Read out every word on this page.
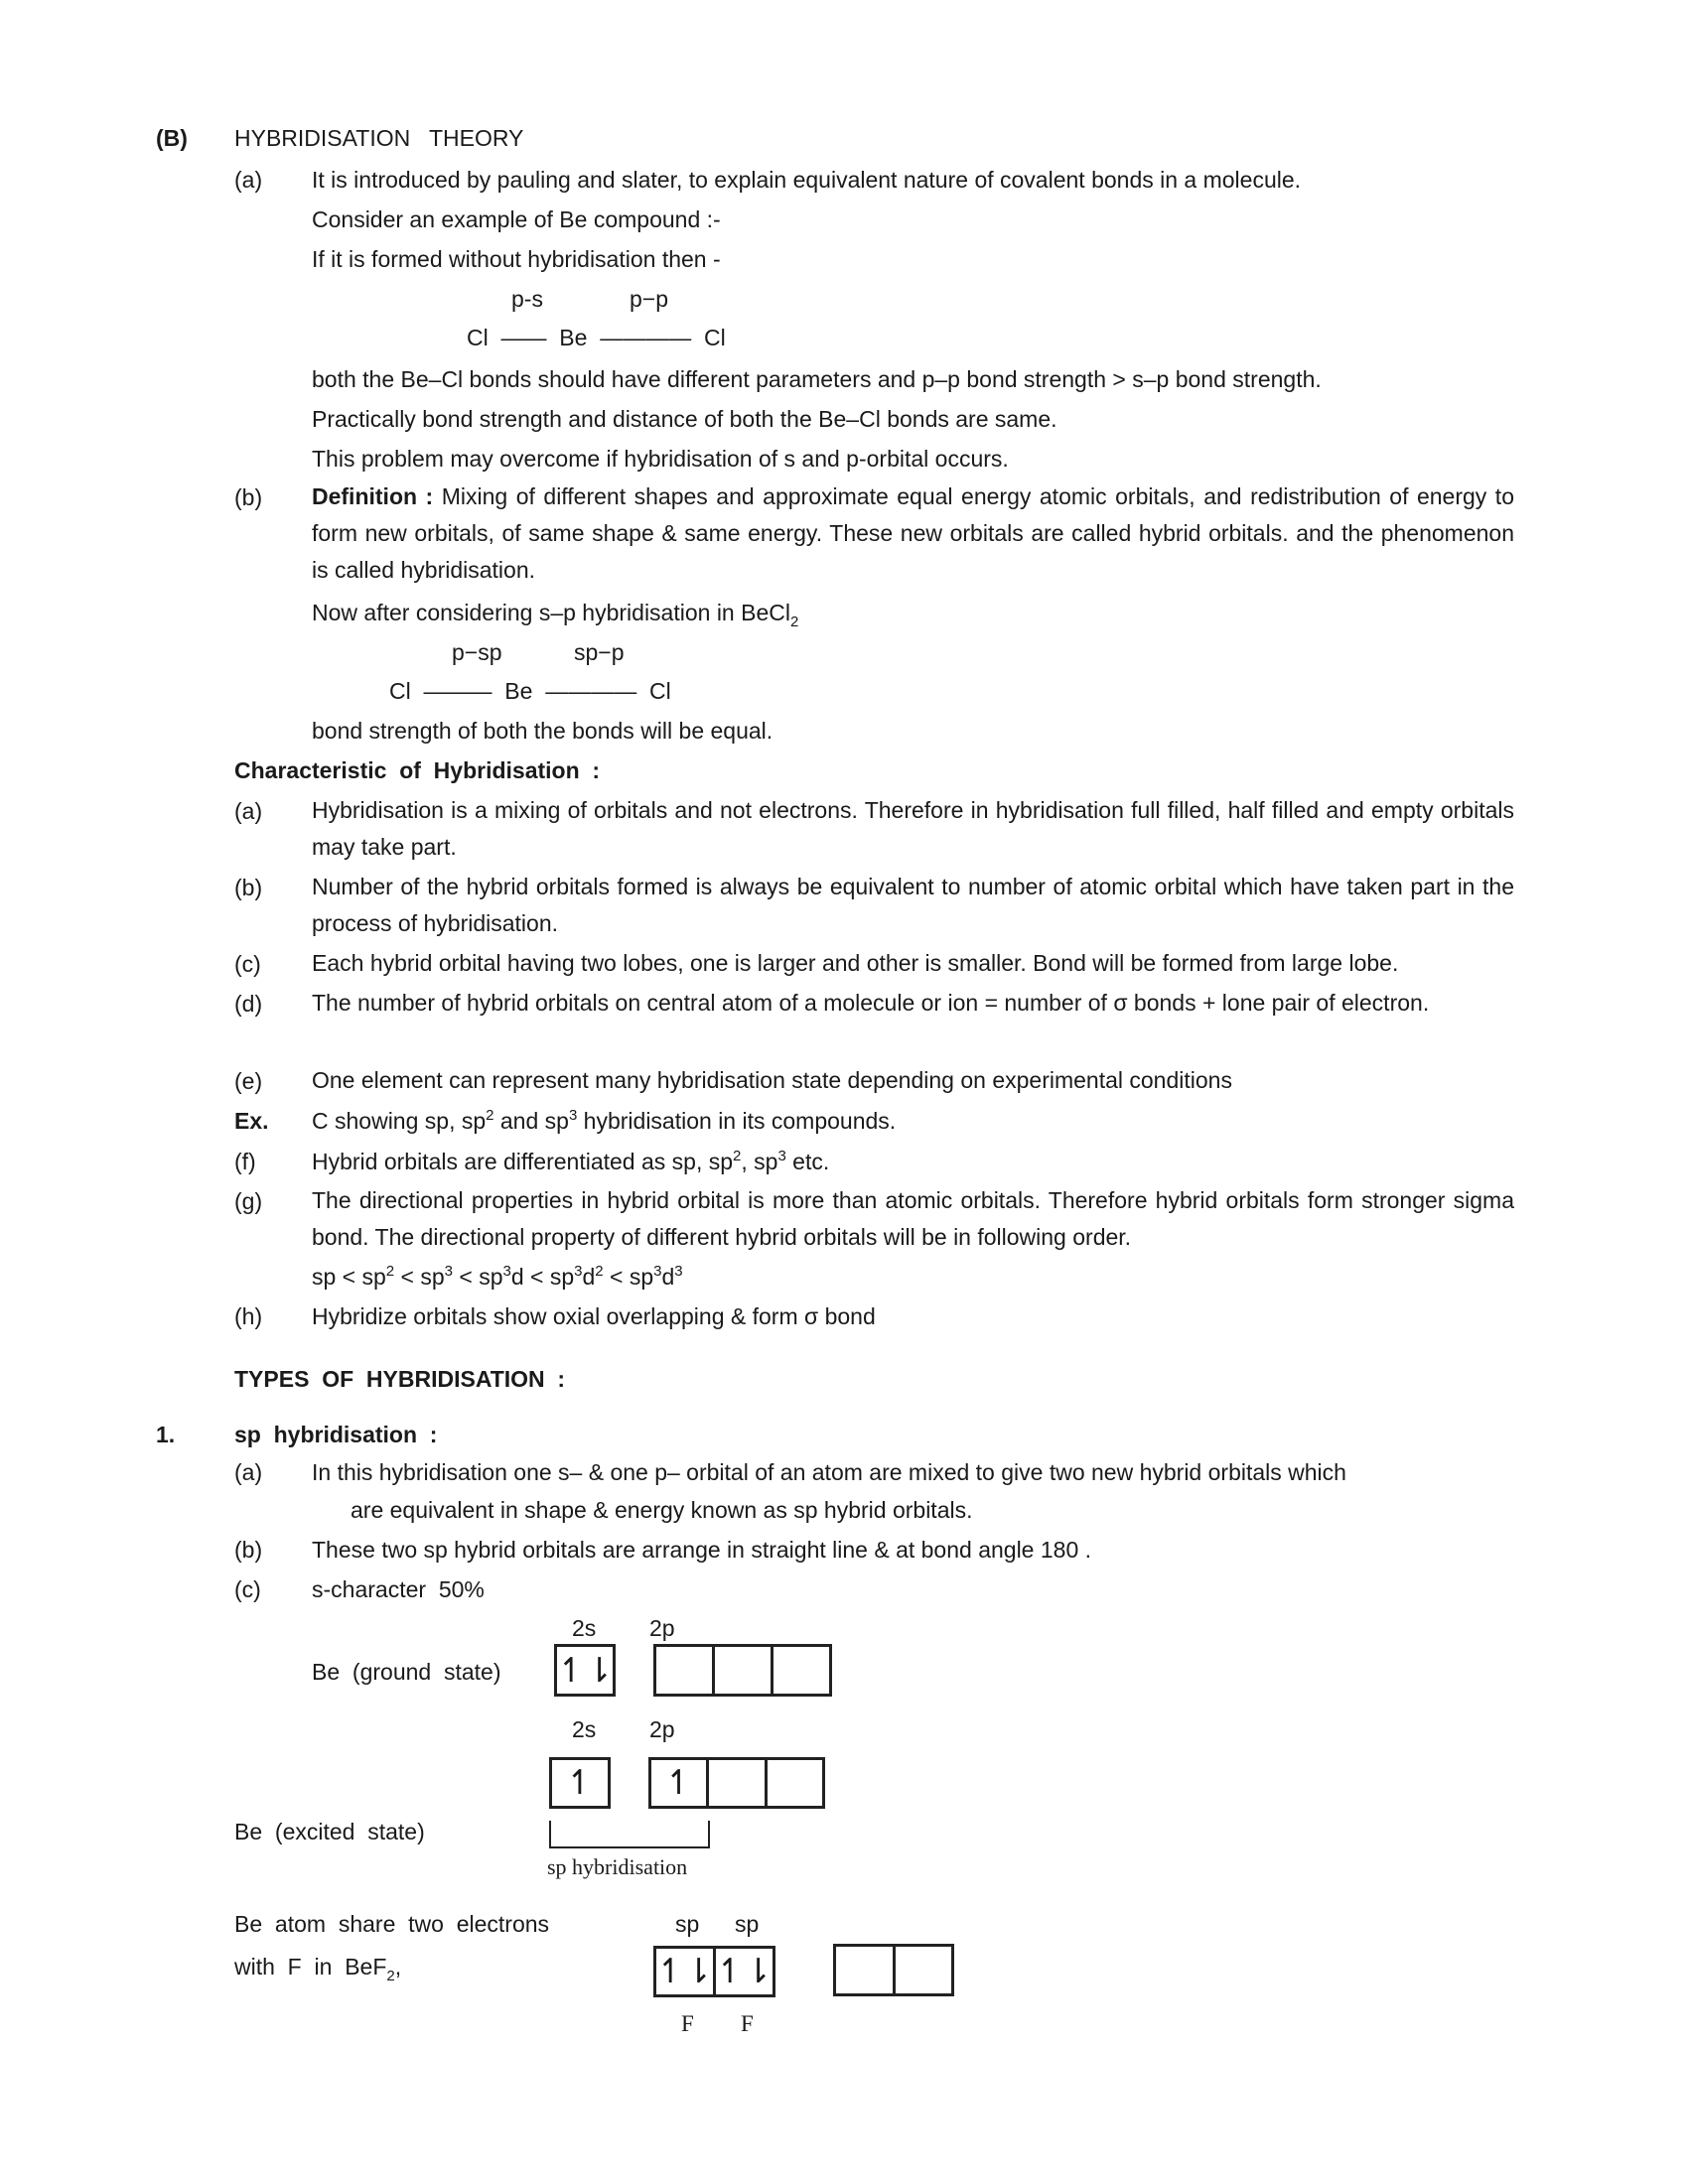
(B) HYBRIDISATION   THEORY
(a) It is introduced by pauling and slater, to explain equivalent nature of covalent bonds in a molecule.
Consider an example of Be compound :-
If it is formed without hybridisation then -
p-s	p−p
Cl  ——  Be  ————  Cl
both the Be–Cl bonds should have different parameters and p–p bond strength > s–p bond strength.
Practically bond strength and distance of both the Be–Cl bonds are same.
This problem may overcome if hybridisation of s and p-orbital occurs.
(b) Definition : Mixing of different shapes and approximate equal energy atomic orbitals, and redistribution of energy to form new orbitals, of same shape & same energy. These new orbitals are called hybrid orbitals. and the phenomenon is called hybridisation.
Now after considering s–p hybridisation in BeCl$_2$
p−sp	sp−p
Cl  ———  Be  ————  Cl
bond strength of both the bonds will be equal.
Characteristic  of  Hybridisation  :
(a) Hybridisation is a mixing of orbitals and not electrons. Therefore in hybridisation full filled, half filled and empty orbitals may take part.
(b) Number of the hybrid orbitals formed is always be equivalent to number of atomic orbital which have taken part in the process of hybridisation.
(c) Each hybrid orbital having two lobes, one is larger and other is smaller. Bond will be formed from large lobe.
(d) The number of hybrid orbitals on central atom of a molecule or ion = number of σ bonds + lone pair of electron.
(e) One element can represent many hybridisation state depending on experimental conditions
Ex. C showing sp, $sp^2$ and $sp^3$ hybridisation in its compounds.
(f) Hybrid orbitals are differentiated as sp, $sp^2$, $sp^3$ etc.
(g) The directional properties in hybrid orbital is more than atomic orbitals. Therefore hybrid orbitals form stronger sigma bond. The directional property of different hybrid orbitals will be in following order.
sp < $sp^2 < sp^3 < sp^3d < sp^3d^2 < sp^3d^3$
(h) Hybridize orbitals show oxial overlapping & form σ bond
TYPES  OF  HYBRIDISATION  :
1.	sp  hybridisation  :
(a) In this hybridisation one s– & one p– orbital of an atom are mixed to give two new hybrid orbitals which
are equivalent in shape & energy known as sp hybrid orbitals.
(b) These two sp hybrid orbitals are arrange in straight line & at bond angle 180 .
(c) s-character  50%
2s 2p
Be  (ground  state) ↿⇂
2s 2p
↿	↿
Be  (excited  state)
sp hybridisation
Be  atom  share  two  electrons
with  F  in  BeF$_2$,
sp sp
↿⇂ ↿⇂
F F
